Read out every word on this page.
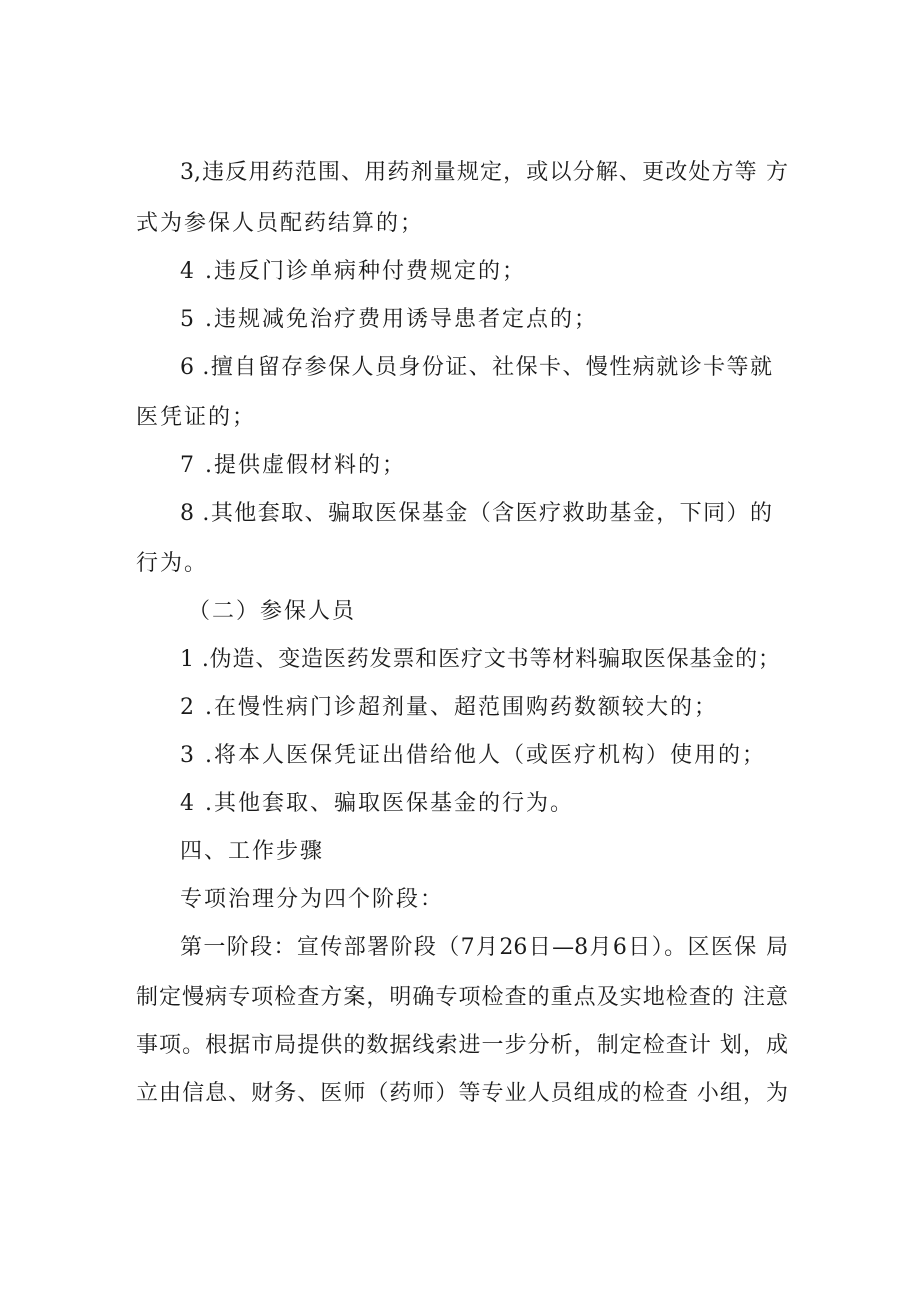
3,违反用药范围、用药剂量规定，或以分解、更改处方等 方
式为参保人员配药结算的；
4 .违反门诊单病种付费规定的；
5 .违规减免治疗费用诱导患者定点的；
6 .擅自留存参保人员身份证、社保卡、慢性病就诊卡等就
医凭证的；
7 .提供虚假材料的；
8 .其他套取、骗取医保基金（含医疗救助基金，下同）的
行为。
（二）参保人员
1 .伪造、变造医药发票和医疗文书等材料骗取医保基金的；
2 .在慢性病门诊超剂量、超范围购药数额较大的；
3 .将本人医保凭证出借给他人（或医疗机构）使用的；
4 .其他套取、骗取医保基金的行为。
四、工作步骤
专项治理分为四个阶段：
第一阶段：宣传部署阶段（7月26日—8月6日）。区医保 局
制定慢病专项检查方案，明确专项检查的重点及实地检查的 注意
事项。根据市局提供的数据线索进一步分析，制定检查计 划，成
立由信息、财务、医师（药师）等专业人员组成的检查 小组，为
